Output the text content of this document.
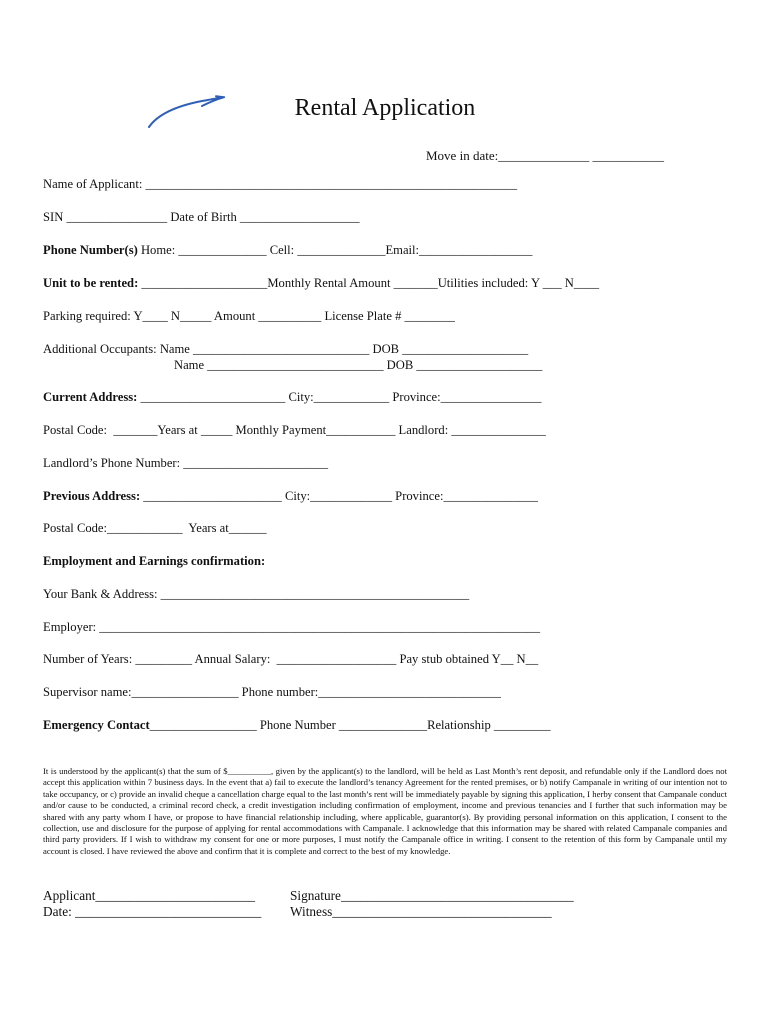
Rental Application
Move in date:______________ ___________
Name of Applicant: ___________________________________________________________
SIN ________________ Date of Birth ___________________
Phone Number(s) Home: ______________ Cell: ______________Email:__________________
Unit to be rented: ____________________Monthly Rental Amount _______Utilities included: Y ___ N____
Parking required: Y____ N_____ Amount __________ License Plate # ________
Additional Occupants: Name ____________________________ DOB ____________________
Name ____________________________ DOB ____________________
Current Address: _______________________ City:____________ Province:________________
Postal Code:  _______Years at _____ Monthly Payment___________ Landlord: _______________
Landlord’s Phone Number: _______________________
Previous Address: ______________________ City:_____________ Province:_______________
Postal Code:____________  Years at______
Employment and Earnings confirmation:
Your Bank & Address: _________________________________________________
Employer: ______________________________________________________________________
Number of Years: _________ Annual Salary:  ___________________ Pay stub obtained Y__ N__
Supervisor name:_________________ Phone number:_____________________________
Emergency Contact_________________ Phone Number ______________Relationship _________
It is understood by the applicant(s) that the sum of $__________, given by the applicant(s) to the landlord, will be held as Last Month’s rent deposit, and refundable only if the Landlord does not accept this application within 7 business days. In the event that a) fail to execute the landlord’s tenancy Agreement for the rented premises, or b) notify Campanale in writing of our intention not to take occupancy, or c) provide an invalid cheque a cancellation charge equal to the last month’s rent will be immediately payable by signing this application, I herby consent that Campanale conduct and/or cause to be conducted, a criminal record check, a credit investigation including confirmation of employment, income and previous tenancies and I further that such information may be shared with any party whom I have, or propose to have financial relationship including, where applicable, guarantor(s). By providing personal information on this application, I consent to the collection, use and disclosure for the purpose of applying for rental accommodations with Campanale. I acknowledge that this information may be shared with related Campanale companies and third party providers. If I wish to withdraw my consent for one or more purposes, I must notify the Campanale office in writing. I consent to the retention of this form by Campanale until my account is closed. I have reviewed the above and confirm that it is complete and correct to the best of my knowledge.
Applicant________________________	Signature___________________________________
Date: ____________________________ Witness_________________________________
